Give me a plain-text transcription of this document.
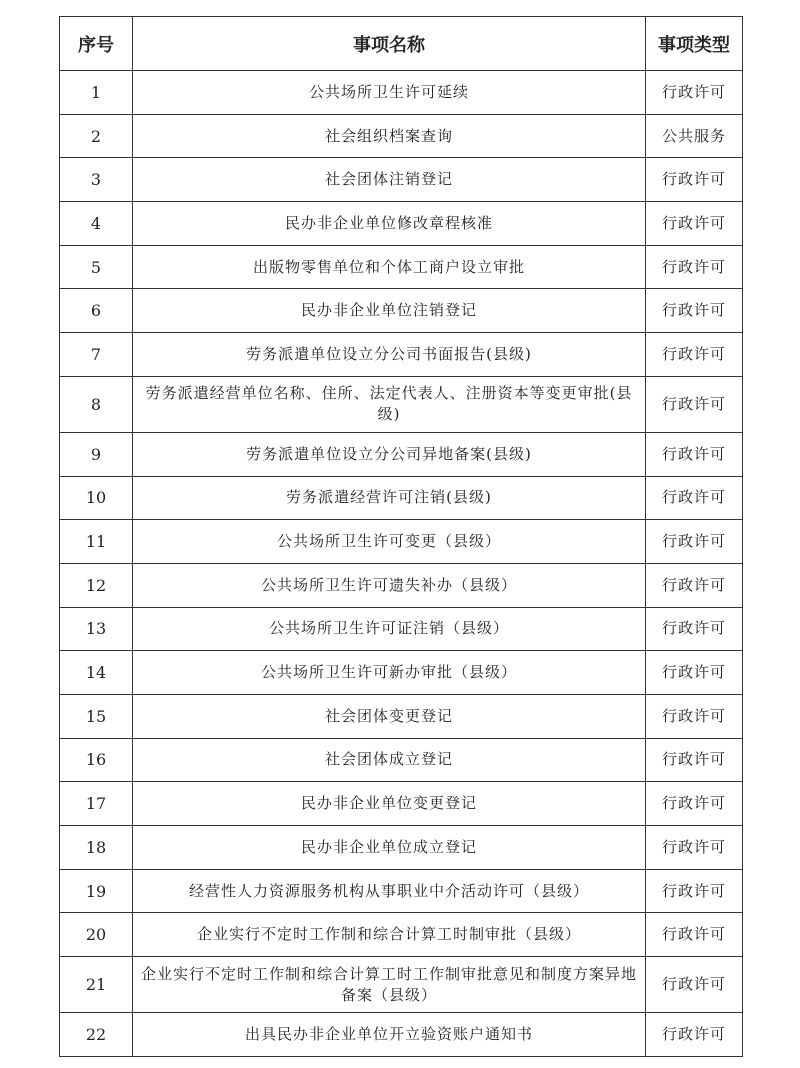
序号	事项名称	事项类型
1	公共场所卫生许可延续	行政许可
2	社会组织档案查询	公共服务
3	社会团体注销登记	行政许可
4	民办非企业单位修改章程核准	行政许可
5	出版物零售单位和个体工商户设立审批	行政许可
6	民办非企业单位注销登记	行政许可
7	劳务派遣单位设立分公司书面报告(县级)	行政许可
8	劳务派遣经营单位名称、住所、法定代表人、注册资本等变更审批(县级)	行政许可
9	劳务派遣单位设立分公司异地备案(县级)	行政许可
10	劳务派遣经营许可注销(县级)	行政许可
11	公共场所卫生许可变更（县级）	行政许可
12	公共场所卫生许可遗失补办（县级）	行政许可
13	公共场所卫生许可证注销（县级）	行政许可
14	公共场所卫生许可新办审批（县级）	行政许可
15	社会团体变更登记	行政许可
16	社会团体成立登记	行政许可
17	民办非企业单位变更登记	行政许可
18	民办非企业单位成立登记	行政许可
19	经营性人力资源服务机构从事职业中介活动许可（县级）	行政许可
20	企业实行不定时工作制和综合计算工时制审批（县级）	行政许可
21	企业实行不定时工作制和综合计算工时工作制审批意见和制度方案异地备案（县级）	行政许可
22	出具民办非企业单位开立验资账户通知书	行政许可
